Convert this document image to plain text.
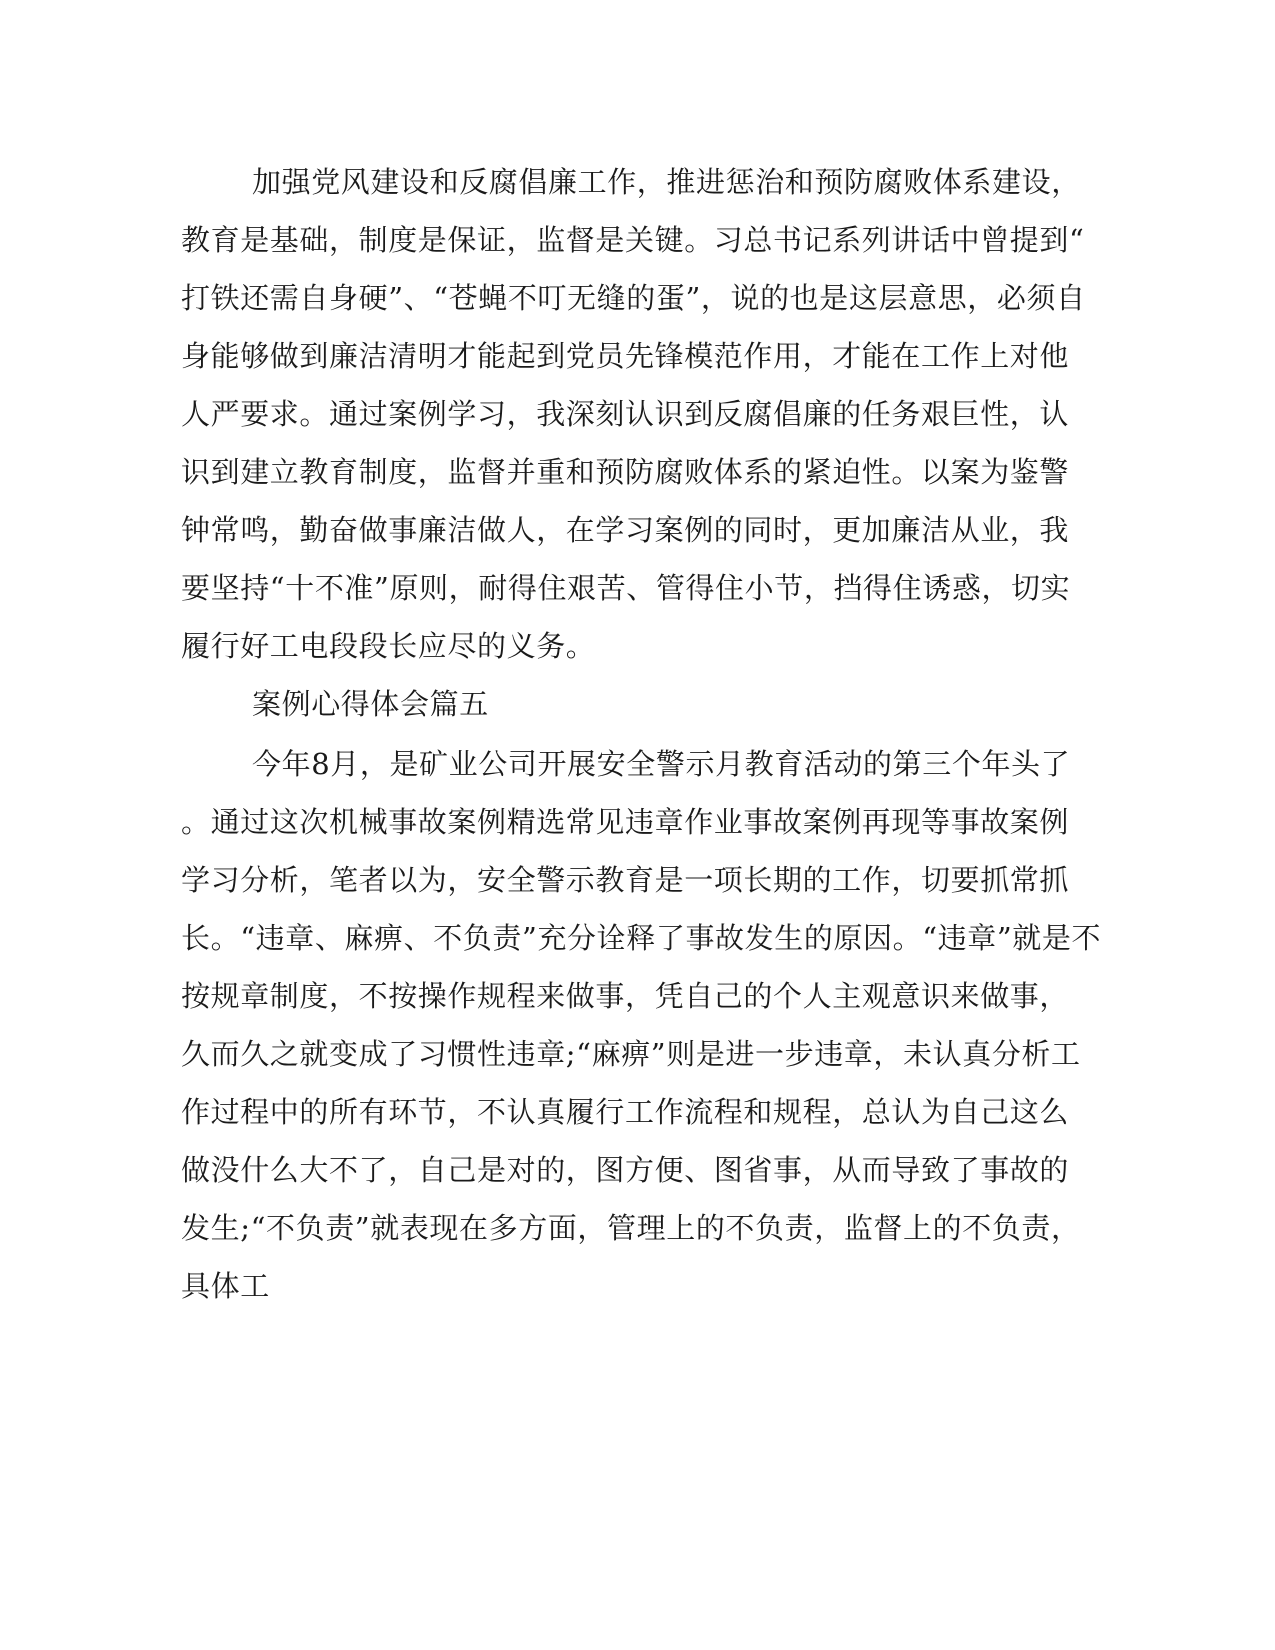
加强党风建设和反腐倡廉工作，推进惩治和预防腐败体系建设，
教育是基础，制度是保证，监督是关键。习总书记系列讲话中曾提到“
打铁还需自身硬”、“苍蝇不叮无缝的蛋”，说的也是这层意思，必须自
身能够做到廉洁清明才能起到党员先锋模范作用，才能在工作上对他
人严要求。通过案例学习，我深刻认识到反腐倡廉的任务艰巨性，认
识到建立教育制度，监督并重和预防腐败体系的紧迫性。以案为鉴警
钟常鸣，勤奋做事廉洁做人，在学习案例的同时，更加廉洁从业，我
要坚持“十不准”原则，耐得住艰苦、管得住小节，挡得住诱惑，切实
履行好工电段段长应尽的义务。
案例心得体会篇五
今年8月，是矿业公司开展安全警示月教育活动的第三个年头了
。通过这次机械事故案例精选常见违章作业事故案例再现等事故案例
学习分析，笔者以为，安全警示教育是一项长期的工作，切要抓常抓
长。“违章、麻痹、不负责”充分诠释了事故发生的原因。“违章”就是不
按规章制度，不按操作规程来做事，凭自己的个人主观意识来做事，
久而久之就变成了习惯性违章;“麻痹”则是进一步违章，未认真分析工
作过程中的所有环节，不认真履行工作流程和规程，总认为自己这么
做没什么大不了，自己是对的，图方便、图省事，从而导致了事故的
发生;“不负责”就表现在多方面，管理上的不负责，监督上的不负责，
具体工
